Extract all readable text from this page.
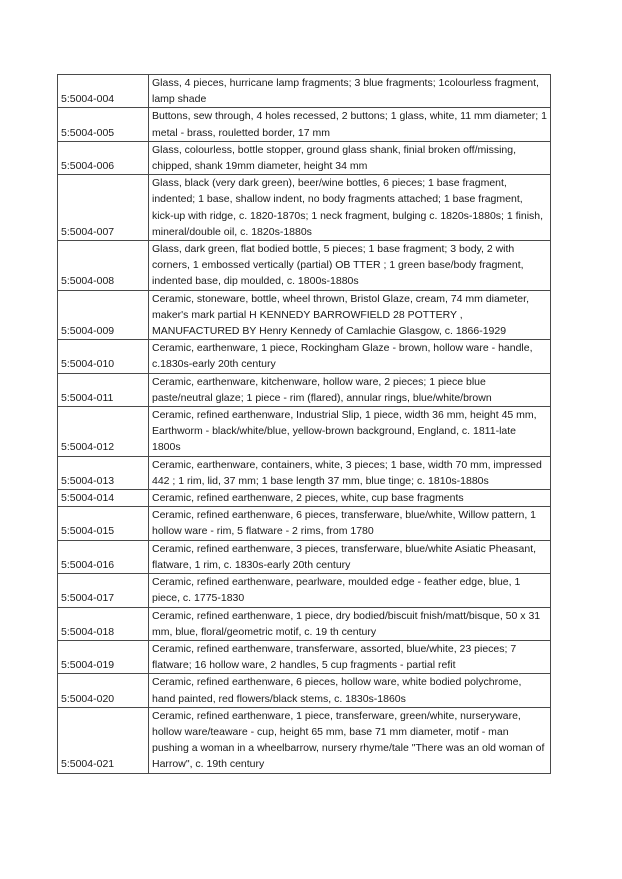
5:5004-004	Glass, 4 pieces, hurricane lamp fragments; 3 blue fragments; 1colourless fragment, lamp shade
5:5004-005	Buttons, sew through, 4 holes recessed, 2 buttons; 1 glass, white, 11 mm diameter; 1 metal - brass, rouletted border, 17 mm
5:5004-006	Glass, colourless, bottle stopper, ground glass shank, finial broken off/missing, chipped, shank 19mm diameter, height 34 mm
5:5004-007	Glass, black (very dark green), beer/wine bottles, 6 pieces; 1 base fragment, indented; 1 base, shallow indent, no body fragments attached; 1 base fragment, kick-up with ridge, c. 1820-1870s; 1 neck fragment, bulging c. 1820s-1880s; 1 finish, mineral/double oil, c. 1820s-1880s
5:5004-008	Glass, dark green, flat bodied bottle, 5 pieces; 1 base fragment; 3 body, 2 with corners, 1 embossed vertically (partial) OB TTER ; 1 green base/body fragment, indented base, dip moulded, c. 1800s-1880s
5:5004-009	Ceramic, stoneware, bottle, wheel thrown, Bristol Glaze, cream, 74 mm diameter, maker's mark partial H KENNEDY BARROWFIELD 28 POTTERY , MANUFACTURED BY Henry Kennedy of Camlachie Glasgow, c. 1866-1929
5:5004-010	Ceramic, earthenware, 1 piece, Rockingham Glaze - brown, hollow ware - handle, c.1830s-early 20th century
5:5004-011	Ceramic, earthenware, kitchenware, hollow ware, 2 pieces; 1 piece blue paste/neutral glaze; 1 piece - rim (flared), annular rings, blue/white/brown
5:5004-012	Ceramic, refined earthenware, Industrial Slip, 1 piece, width 36 mm, height 45 mm, Earthworm - black/white/blue, yellow-brown background, England, c. 1811-late 1800s
5:5004-013	Ceramic, earthenware, containers, white, 3 pieces; 1 base, width 70 mm, impressed 442 ; 1 rim, lid, 37 mm; 1 base length 37 mm, blue tinge; c. 1810s-1880s
5:5004-014	Ceramic, refined earthenware, 2 pieces, white, cup base fragments
5:5004-015	Ceramic, refined earthenware, 6 pieces, transferware, blue/white, Willow pattern, 1 hollow ware - rim, 5 flatware - 2 rims, from 1780
5:5004-016	Ceramic, refined earthenware, 3 pieces, transferware, blue/white Asiatic Pheasant, flatware, 1 rim, c. 1830s-early 20th century
5:5004-017	Ceramic, refined earthenware, pearlware, moulded edge - feather edge, blue, 1 piece, c. 1775-1830
5:5004-018	Ceramic, refined earthenware, 1 piece, dry bodied/biscuit fnish/matt/bisque, 50 x 31 mm, blue, floral/geometric motif, c. 19 th century
5:5004-019	Ceramic, refined earthenware, transferware, assorted, blue/white, 23 pieces; 7 flatware; 16 hollow ware, 2 handles, 5 cup fragments - partial refit
5:5004-020	Ceramic, refined earthenware, 6 pieces, hollow ware, white bodied polychrome, hand painted, red flowers/black stems, c. 1830s-1860s
5:5004-021	Ceramic, refined earthenware, 1 piece, transferware, green/white, nurseryware, hollow ware/teaware - cup, height 65 mm, base 71 mm diameter, motif - man pushing a woman in a wheelbarrow, nursery rhyme/tale "There was an old woman of Harrow", c. 19th century
